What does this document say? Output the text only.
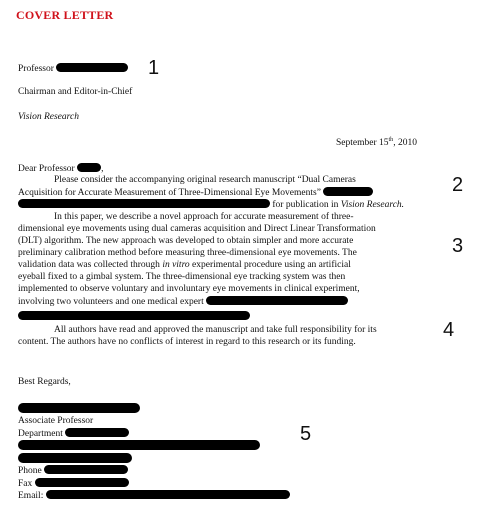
COVER LETTER
Professor
Chairman and Editor-in-Chief
Vision Research
1
September 15th, 2010
Dear Professor	,
Please consider the accompanying original research manuscript “Dual Cameras
Acquisition for Accurate Measurement of Three-Dimensional Eye Movements”
for publication in Vision Research.
2
In this paper, we describe a novel approach for accurate measurement of three-
dimensional eye movements using dual cameras acquisition and Direct Linear Transformation
(DLT) algorithm. The new approach was developed to obtain simpler and more accurate
preliminary calibration method before measuring three-dimensional eye movements. The
validation data was collected through in vitro experimental procedure using an artificial
eyeball fixed to a gimbal system. The three-dimensional eye tracking system was then
implemented to observe voluntary and involuntary eye movements in clinical experiment,
involving two volunteers and one medical expert
3
All authors have read and approved the manuscript and take full responsibility for its
content. The authors have no conflicts of interest in regard to this research or its funding.
4
Best Regards,
Associate Professor
Department
Phone
Fax
Email:
5
